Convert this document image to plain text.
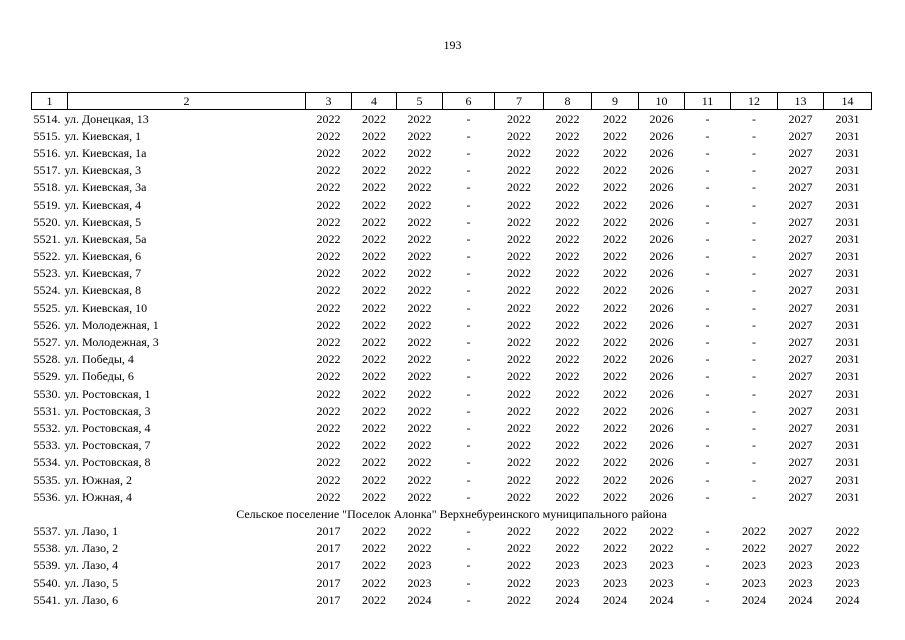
193
1	2	3	4	5	6	7	8	9	10	11	12	13	14
5514. ул. Донецкая, 13		2022	2022	2022	-	2022	2022	2022	2026	-	-	2027	2031
5515. ул. Киевская, 1		2022	2022	2022	-	2022	2022	2022	2026	-	-	2027	2031
5516. ул. Киевская, 1а		2022	2022	2022	-	2022	2022	2022	2026	-	-	2027	2031
5517. ул. Киевская, 3		2022	2022	2022	-	2022	2022	2022	2026	-	-	2027	2031
5518. ул. Киевская, 3а		2022	2022	2022	-	2022	2022	2022	2026	-	-	2027	2031
5519. ул. Киевская, 4		2022	2022	2022	-	2022	2022	2022	2026	-	-	2027	2031
5520. ул. Киевская, 5		2022	2022	2022	-	2022	2022	2022	2026	-	-	2027	2031
5521. ул. Киевская, 5а		2022	2022	2022	-	2022	2022	2022	2026	-	-	2027	2031
5522. ул. Киевская, 6		2022	2022	2022	-	2022	2022	2022	2026	-	-	2027	2031
5523. ул. Киевская, 7		2022	2022	2022	-	2022	2022	2022	2026	-	-	2027	2031
5524. ул. Киевская, 8		2022	2022	2022	-	2022	2022	2022	2026	-	-	2027	2031
5525. ул. Киевская, 10		2022	2022	2022	-	2022	2022	2022	2026	-	-	2027	2031
5526. ул. Молодежная, 1		2022	2022	2022	-	2022	2022	2022	2026	-	-	2027	2031
5527. ул. Молодежная, 3		2022	2022	2022	-	2022	2022	2022	2026	-	-	2027	2031
5528. ул. Победы, 4		2022	2022	2022	-	2022	2022	2022	2026	-	-	2027	2031
5529. ул. Победы, 6		2022	2022	2022	-	2022	2022	2022	2026	-	-	2027	2031
5530. ул. Ростовская, 1		2022	2022	2022	-	2022	2022	2022	2026	-	-	2027	2031
5531. ул. Ростовская, 3		2022	2022	2022	-	2022	2022	2022	2026	-	-	2027	2031
5532. ул. Ростовская, 4		2022	2022	2022	-	2022	2022	2022	2026	-	-	2027	2031
5533. ул. Ростовская, 7		2022	2022	2022	-	2022	2022	2022	2026	-	-	2027	2031
5534. ул. Ростовская, 8		2022	2022	2022	-	2022	2022	2022	2026	-	-	2027	2031
5535. ул. Южная, 2		2022	2022	2022	-	2022	2022	2022	2026	-	-	2027	2031
5536. ул. Южная, 4		2022	2022	2022	-	2022	2022	2022	2026	-	-	2027	2031
Сельское поселение "Поселок Алонка" Верхнебуреинского муниципального района													
5537. ул. Лазо, 1		2017	2022	2022	-	2022	2022	2022	2022	-	2022	2027	2022
5538. ул. Лазо, 2		2017	2022	2022	-	2022	2022	2022	2022	-	2022	2027	2022
5539. ул. Лазо, 4		2017	2022	2023	-	2022	2023	2023	2023	-	2023	2023	2023
5540. ул. Лазо, 5		2017	2022	2023	-	2022	2023	2023	2023	-	2023	2023	2023
5541. ул. Лазо, 6		2017	2022	2024	-	2022	2024	2024	2024	-	2024	2024	2024
